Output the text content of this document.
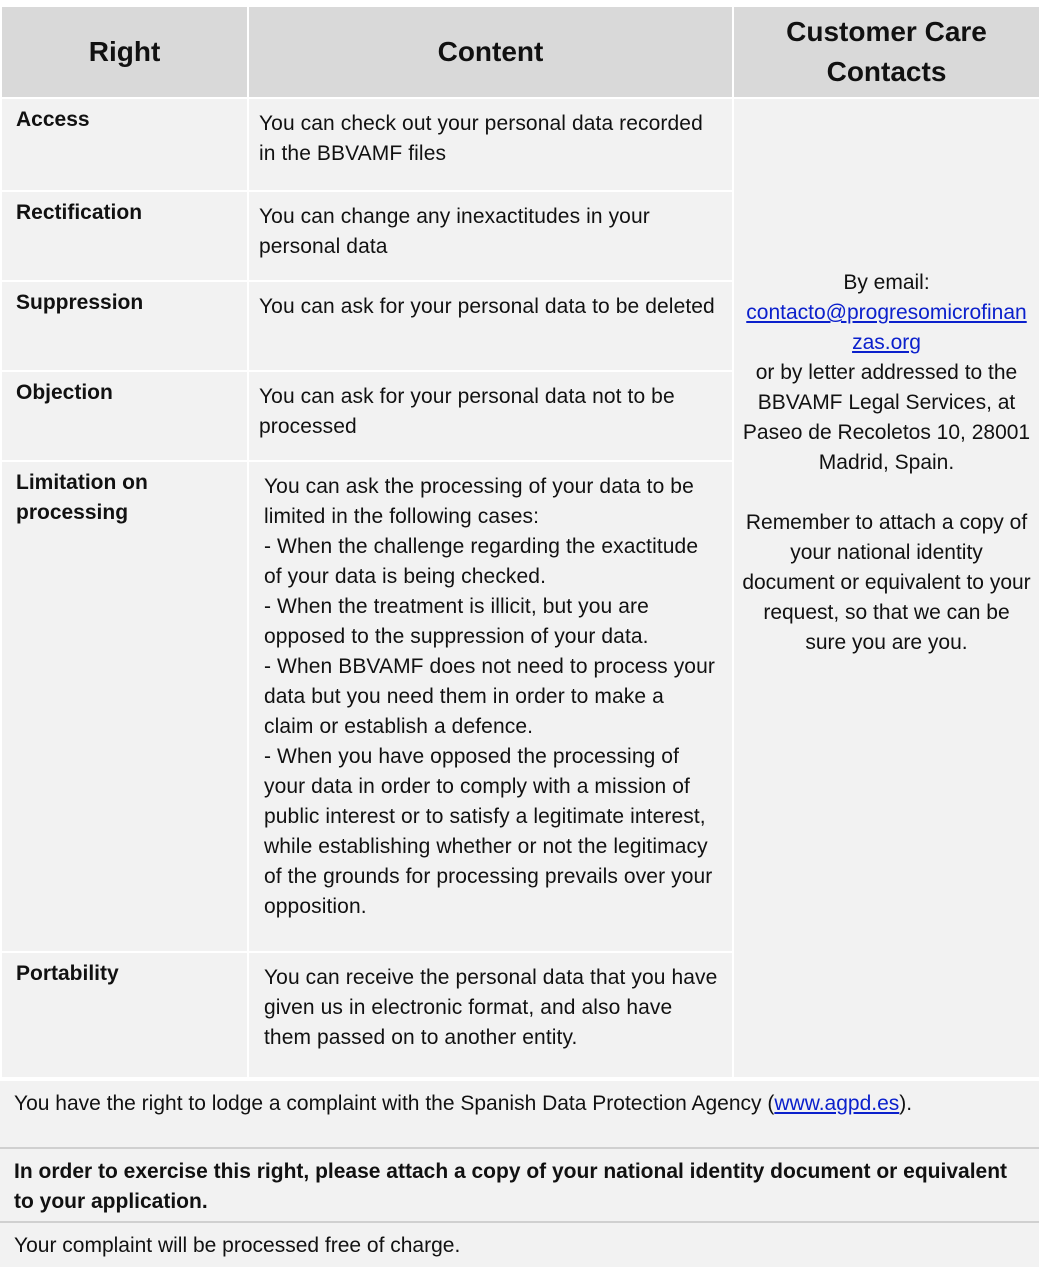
Right	Content	Customer Care
Contacts
Access	You can check out your personal data recorded in the BBVAMF files	By email:
contacto@progresomicrofinanzas.org
or by letter addressed to the BBVAMF Legal Services, at Paseo de Recoletos 10, 28001 Madrid, Spain.
Remember to attach a copy of your national identity document or equivalent to your request, so that we can be sure you are you.
Rectification	You can change any inexactitudes in your personal data	
Suppression	You can ask for your personal data to be deleted	
Objection	You can ask for your personal data not to be processed	
Limitation on processing	You can ask the processing of your data to be limited in the following cases:
- When the challenge regarding the exactitude of your data is being checked.
- When the treatment is illicit, but you are opposed to the suppression of your data.
- When BBVAMF does not need to process your data but you need them in order to make a claim or establish a defence.
- When you have opposed the processing of your data in order to comply with a mission of public interest or to satisfy a legitimate interest, while establishing whether or not the legitimacy of the grounds for processing prevails over your opposition.	
Portability	You can receive the personal data that you have given us in electronic format, and also have them passed on to another entity.	
You have the right to lodge a complaint with the Spanish Data Protection Agency (www.agpd.es).
In order to exercise this right, please attach a copy of your national identity document or equivalent to your application.
Your complaint will be processed free of charge.
